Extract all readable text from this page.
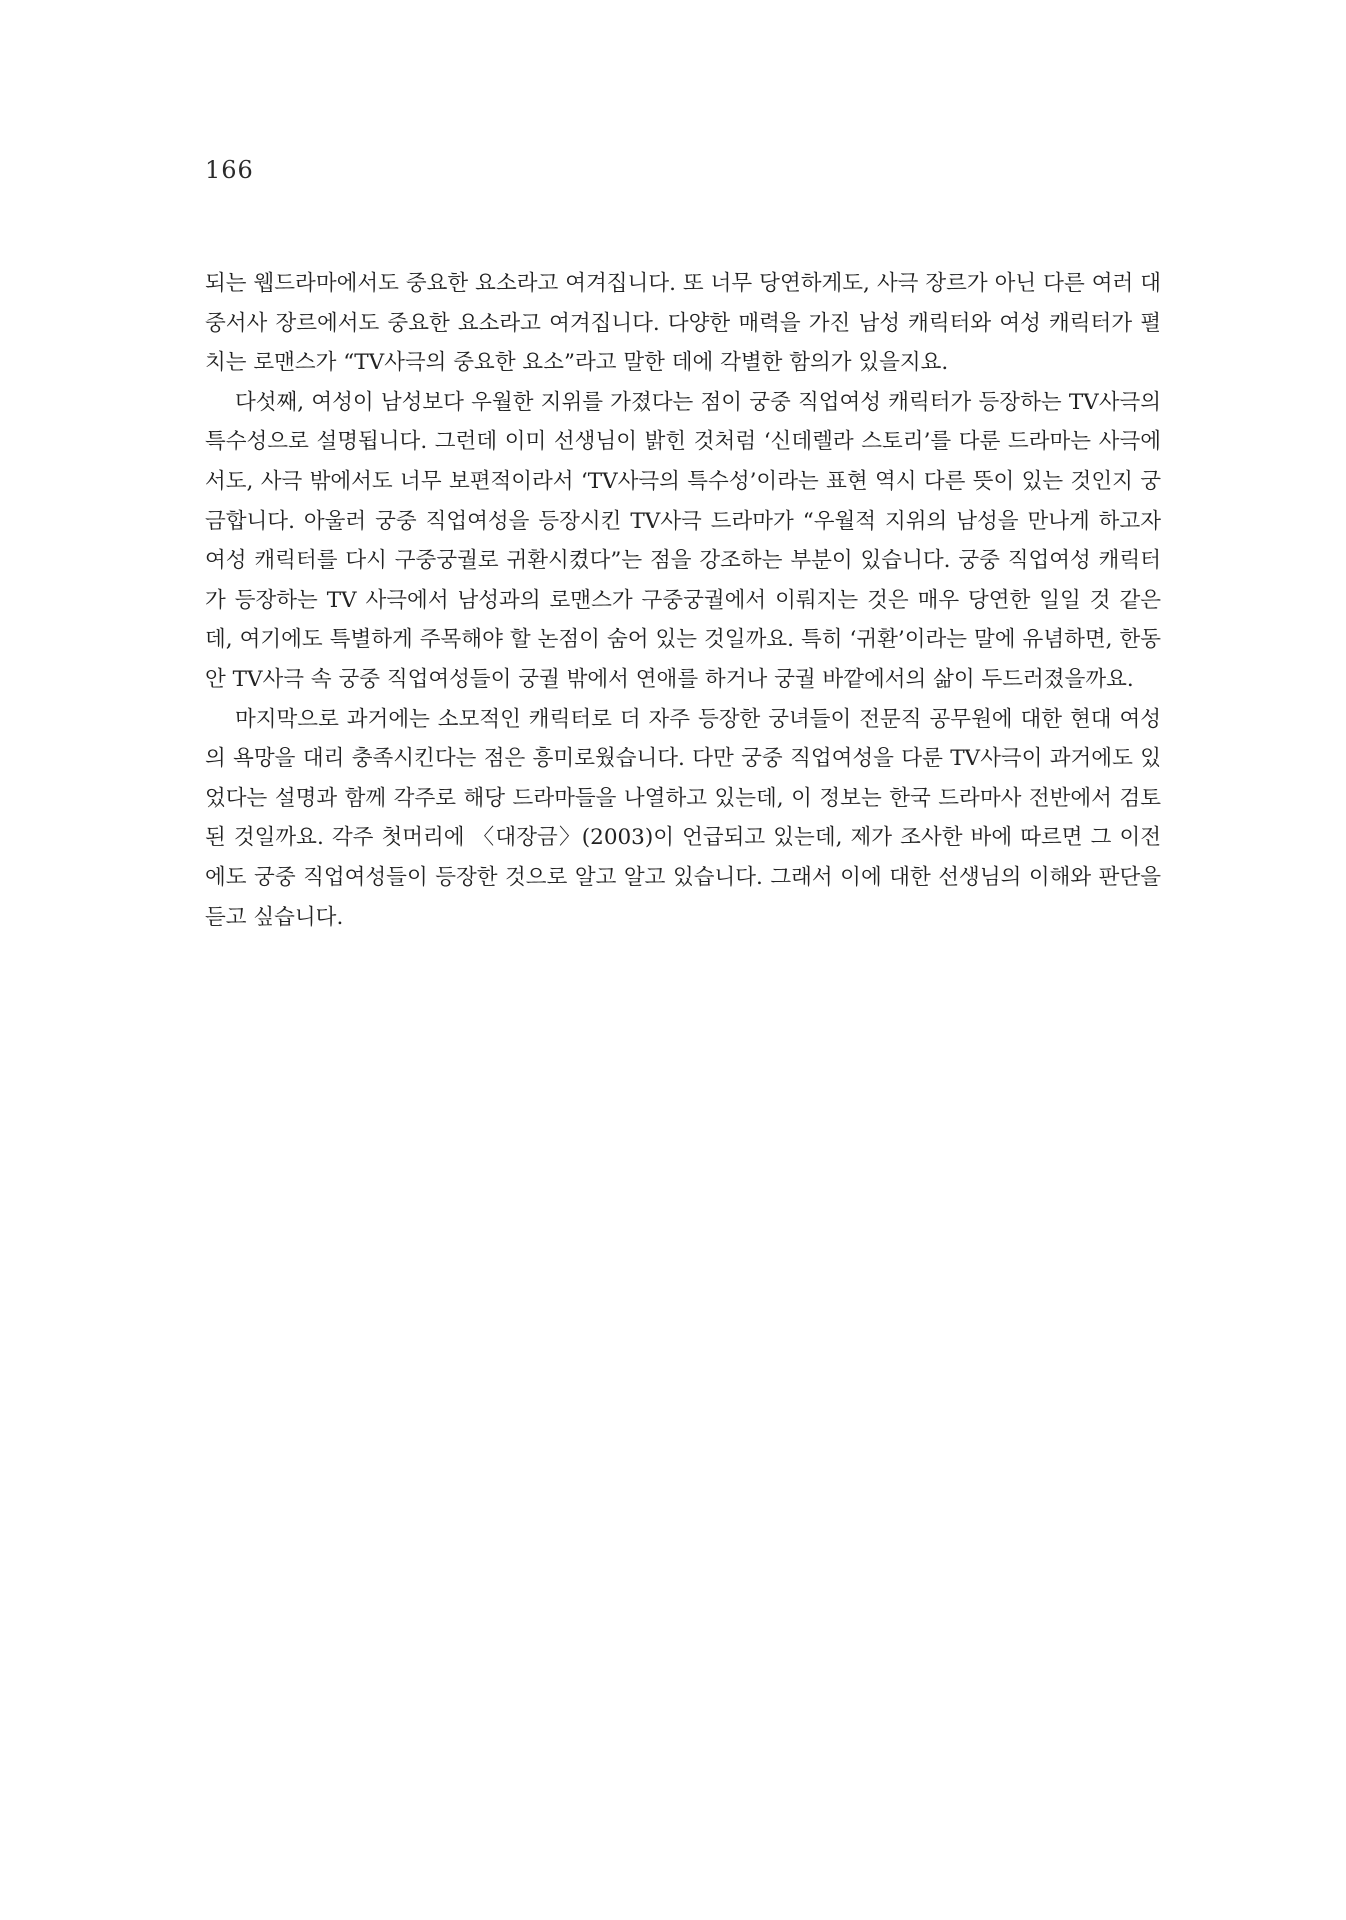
166

되는 웹드라마에서도 중요한 요소라고 여겨집니다. 또 너무 당연하게도, 사극 장르가 아닌 다른 여러 대중서사 장르에서도 중요한 요소라고 여겨집니다. 다양한 매력을 가진 남성 캐릭터와 여성 캐릭터가 펼치는 로맨스가 “TV사극의 중요한 요소”라고 말한 데에 각별한 함의가 있을지요.

다섯째, 여성이 남성보다 우월한 지위를 가졌다는 점이 궁중 직업여성 캐릭터가 등장하는 TV사극의 특수성으로 설명됩니다. 그런데 이미 선생님이 밝힌 것처럼 ‘신데렐라 스토리’를 다룬 드라마는 사극에서도, 사극 밖에서도 너무 보편적이라서 ‘TV사극의 특수성’이라는 표현 역시 다른 뜻이 있는 것인지 궁금합니다. 아울러 궁중 직업여성을 등장시킨 TV사극 드라마가 “우월적 지위의 남성을 만나게 하고자 여성 캐릭터를 다시 구중궁궐로 귀환시켰다”는 점을 강조하는 부분이 있습니다. 궁중 직업여성 캐릭터가 등장하는 TV 사극에서 남성과의 로맨스가 구중궁궐에서 이뤄지는 것은 매우 당연한 일일 것 같은데, 여기에도 특별하게 주목해야 할 논점이 숨어 있는 것일까요. 특히 ‘귀환’이라는 말에 유념하면, 한동안 TV사극 속 궁중 직업여성들이 궁궐 밖에서 연애를 하거나 궁궐 바깥에서의 삶이 두드러졌을까요.

마지막으로 과거에는 소모적인 캐릭터로 더 자주 등장한 궁녀들이 전문직 공무원에 대한 현대 여성의 욕망을 대리 충족시킨다는 점은 흥미로웠습니다. 다만 궁중 직업여성을 다룬 TV사극이 과거에도 있었다는 설명과 함께 각주로 해당 드라마들을 나열하고 있는데, 이 정보는 한국 드라마사 전반에서 검토된 것일까요. 각주 첫머리에 〈대장금〉(2003)이 언급되고 있는데, 제가 조사한 바에 따르면 그 이전에도 궁중 직업여성들이 등장한 것으로 알고 알고 있습니다. 그래서 이에 대한 선생님의 이해와 판단을 듣고 싶습니다.
